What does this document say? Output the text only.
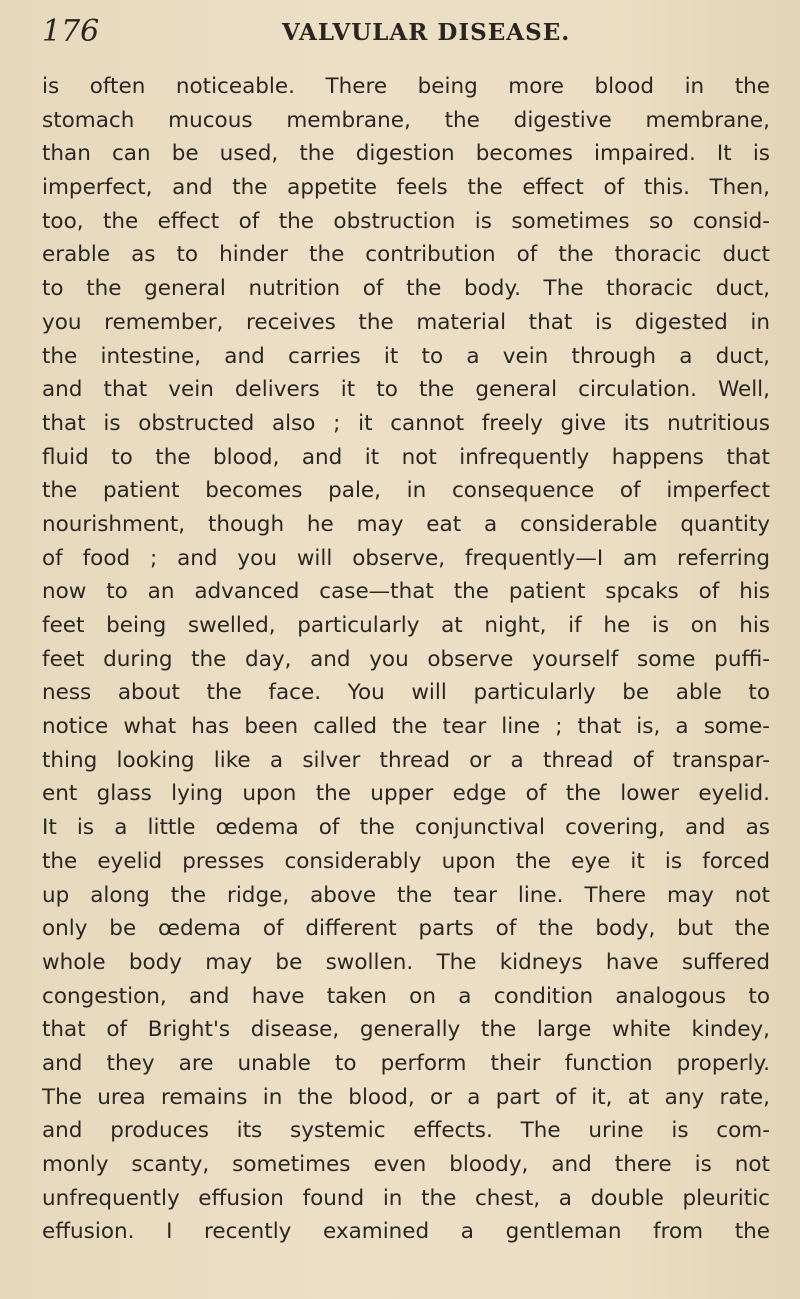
176	VALVULAR DISEASE.
is often noticeable. There being more blood in the
stomach mucous membrane, the digestive membrane,
than can be used, the digestion becomes impaired. It is
imperfect, and the appetite feels the effect of this. Then,
too, the effect of the obstruction is sometimes so consid-
erable as to hinder the contribution of the thoracic duct
to the general nutrition of the body. The thoracic duct,
you remember, receives the material that is digested in
the intestine, and carries it to a vein through a duct,
and that vein delivers it to the general circulation. Well,
that is obstructed also ; it cannot freely give its nutritious
fluid to the blood, and it not infrequently happens that
the patient becomes pale, in consequence of imperfect
nourishment, though he may eat a considerable quantity
of food ; and you will observe, frequently—I am referring
now to an advanced case—that the patient spcaks of his
feet being swelled, particularly at night, if he is on his
feet during the day, and you observe yourself some puffi-
ness about the face. You will particularly be able to
notice what has been called the tear line ; that is, a some-
thing looking like a silver thread or a thread of transpar-
ent glass lying upon the upper edge of the lower eyelid.
It is a little œdema of the conjunctival covering, and as
the eyelid presses considerably upon the eye it is forced
up along the ridge, above the tear line. There may not
only be œdema of different parts of the body, but the
whole body may be swollen. The kidneys have suffered
congestion, and have taken on a condition analogous to
that of Bright's disease, generally the large white kindey,
and they are unable to perform their function properly.
The urea remains in the blood, or a part of it, at any rate,
and produces its systemic effects. The urine is com-
monly scanty, sometimes even bloody, and there is not
unfrequently effusion found in the chest, a double pleuritic
effusion. I recently examined a gentleman from the
